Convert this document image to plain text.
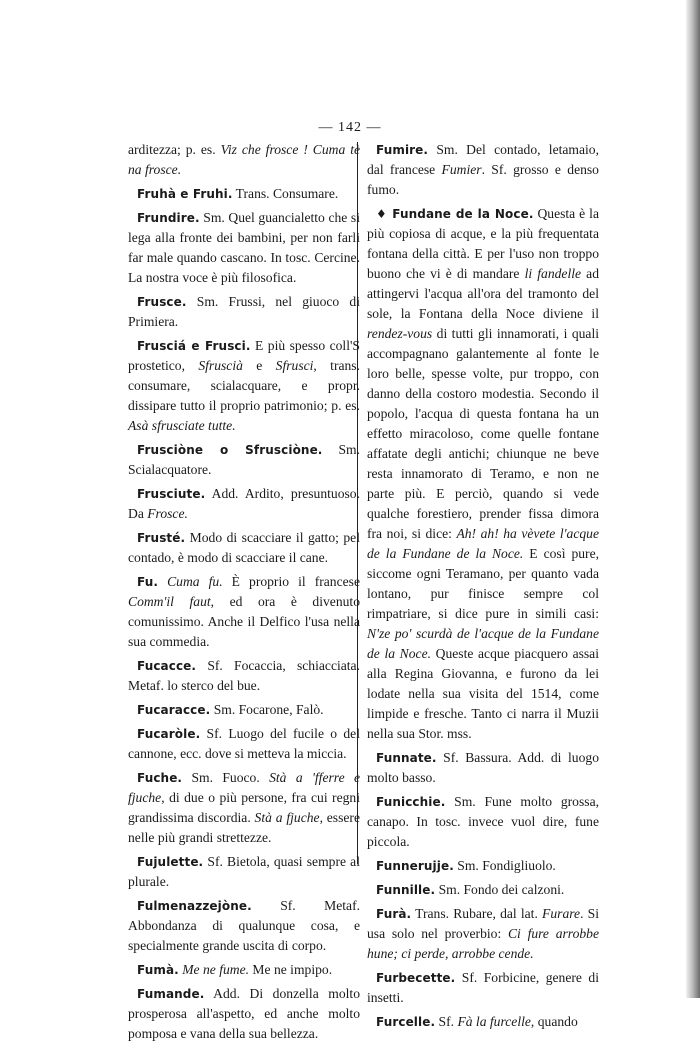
— 142 —

arditezza; p. es. Viz che frosce ! Cuma tè na frosce.

Fruhà e Fruhi. Trans. Consumare.

Frundire. Sm. Quel guancialetto che si lega alla fronte dei bambini, per non farli far male quando cascano. In tosc. Cercine. La nostra voce è più filosofica.

Frusce. Sm. Frussi, nel giuoco di Primiera.

Frusciá e Frusci. E più spesso coll'S prostetico, Sfruscià e Sfrusci, trans. consumare, scialacquare, e propr. dissipare tutto il proprio patrimonio; p. es. Asà sfrusciate tutte.

Frusciòne o Sfrusciòne. Sm. Scialacquatore.

Frusciute. Add. Ardito, presuntuoso. Da Frosce.

Frusté. Modo di scacciare il gatto; pel contado, è modo di scacciare il cane.

Fu. Cuma fu. È proprio il francese Comm'il faut, ed ora è divenuto comunissimo. Anche il Delfico l'usa nella sua commedia.

Fucacce. Sf. Focaccia, schiacciata. Metaf. lo sterco del bue.

Fucaracce. Sm. Focarone, Falò.

Fucaròle. Sf. Luogo del fucile o del cannone, ecc. dove si metteva la miccia.

Fuche. Sm. Fuoco. Stà a 'fferre e fjuche, di due o più persone, fra cui regni grandissima discordia. Stà a fjuche, essere nelle più grandi strettezze.

Fujulette. Sf. Bietola, quasi sempre al plurale.

Fulmenazzejòne. Sf. Metaf. Abbondanza di qualunque cosa, e specialmente grande uscita di corpo.

Fumà. Me ne fume. Me ne impipo.

Fumande. Add. Di donzella molto prosperosa all'aspetto, ed anche molto pomposa e vana della sua bellezza.

Fumire. Sm. Del contado, letamaio, dal francese Fumier. Sf. grosso e denso fumo.

♦ Fundane de la Noce. Questa è la più copiosa di acque, e la più frequentata fontana della città. E per l'uso non troppo buono che vi è di mandare li fandelle ad attingervi l'acqua all'ora del tramonto del sole, la Fontana della Noce diviene il rendez-vous di tutti gli innamorati, i quali accompagnano galantemente al fonte le loro belle, spesse volte, pur troppo, con danno della costoro modestia. Secondo il popolo, l'acqua di questa fontana ha un effetto miracoloso, come quelle fontane affatate degli antichi; chiunque ne beve resta innamorato di Teramo, e non ne parte più. E perciò, quando si vede qualche forestiero, prender fissa dimora fra noi, si dice: Ah! ah! ha vèvete l'acque de la Fundane de la Noce. E così pure, siccome ogni Teramano, per quanto vada lontano, pur finisce sempre col rimpatriare, si dice pure in simili casi: N'ze po' scurdà de l'acque de la Fundane de la Noce. Queste acque piacquero assai alla Regina Giovanna, e furono da lei lodate nella sua visita del 1514, come limpide e fresche. Tanto ci narra il Muzii nella sua Stor. mss.

Funnate. Sf. Bassura. Add. di luogo molto basso.

Funicchie. Sm. Fune molto grossa, canapo. In tosc. invece vuol dire, fune piccola.

Funnerujje. Sm. Fondigliuolo.

Funnille. Sm. Fondo dei calzoni.

Furà. Trans. Rubare, dal lat. Furare. Si usa solo nel proverbio: Ci fure arrobbe hune; ci perde, arrobbe cende.

Furbecette. Sf. Forbicine, genere di insetti.

Furcelle. Sf. Fà la furcelle, quando
